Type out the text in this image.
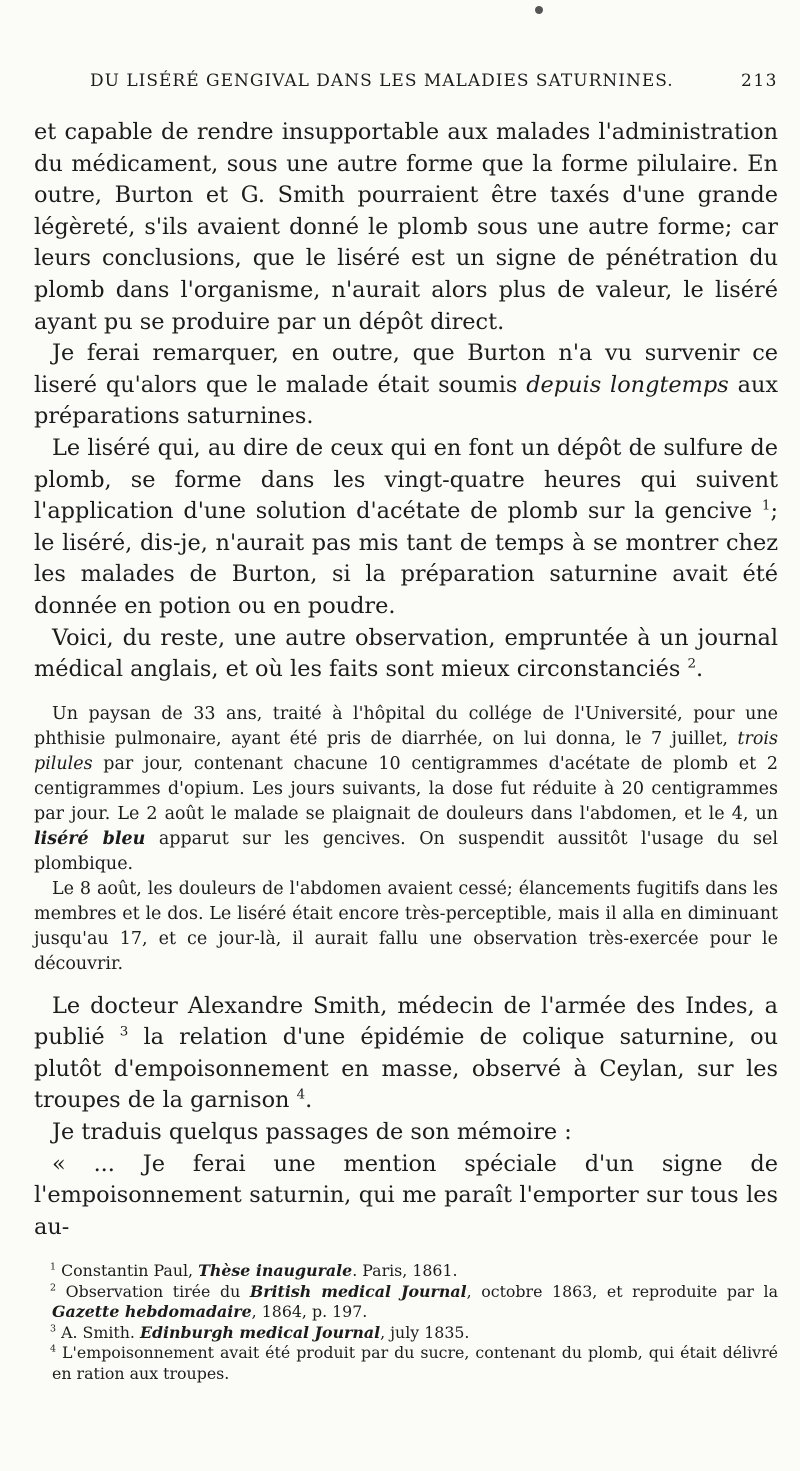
DU LISÉRÉ GENGIVAL DANS LES MALADIES SATURNINES.	213

et capable de rendre insupportable aux malades l'administration du médicament, sous une autre forme que la forme pilulaire. En outre, Burton et G. Smith pourraient être taxés d'une grande légèreté, s'ils avaient donné le plomb sous une autre forme; car leurs conclusions, que le liséré est un signe de pénétration du plomb dans l'organisme, n'aurait alors plus de valeur, le liséré ayant pu se produire par un dépôt direct.

Je ferai remarquer, en outre, que Burton n'a vu survenir ce liseré qu'alors que le malade était soumis depuis longtemps aux préparations saturnines.

Le liséré qui, au dire de ceux qui en font un dépôt de sulfure de plomb, se forme dans les vingt-quatre heures qui suivent l'application d'une solution d'acétate de plomb sur la gencive $^1$; le liséré, dis-je, n'aurait pas mis tant de temps à se montrer chez les malades de Burton, si la préparation saturnine avait été donnée en potion ou en poudre.

Voici, du reste, une autre observation, empruntée à un journal médical anglais, et où les faits sont mieux circonstanciés $^2$.

Un paysan de 33 ans, traité à l'hôpital du collége de l'Université, pour une phthisie pulmonaire, ayant été pris de diarrhée, on lui donna, le 7 juillet, trois pilules par jour, contenant chacune 10 centigrammes d'acétate de plomb et 2 centigrammes d'opium. Les jours suivants, la dose fut réduite à 20 centigrammes par jour. Le 2 août le malade se plaignait de douleurs dans l'abdomen, et le 4, un liséré bleu apparut sur les gencives. On suspendit aussitôt l'usage du sel plombique.

Le 8 août, les douleurs de l'abdomen avaient cessé; élancements fugitifs dans les membres et le dos. Le liséré était encore très-perceptible, mais il alla en diminuant jusqu'au 17, et ce jour-là, il aurait fallu une observation très-exercée pour le découvrir.

Le docteur Alexandre Smith, médecin de l'armée des Indes, a publié $^3$ la relation d'une épidémie de colique saturnine, ou plutôt d'empoisonnement en masse, observé à Ceylan, sur les troupes de la garnison $^4$.

Je traduis quelqus passages de son mémoire :

« ... Je ferai une mention spéciale d'un signe de l'empoisonnement saturnin, qui me paraît l'emporter sur tous les au-

$^1$ Constantin Paul, Thèse inaugurale. Paris, 1861.

$^2$ Observation tirée du British medical Journal, octobre 1863, et reproduite par la Gazette hebdomadaire, 1864, p. 197.

$^3$ A. Smith. Edinburgh medical Journal, july 1835.

$^4$ L'empoisonnement avait été produit par du sucre, contenant du plomb, qui était délivré en ration aux troupes.
